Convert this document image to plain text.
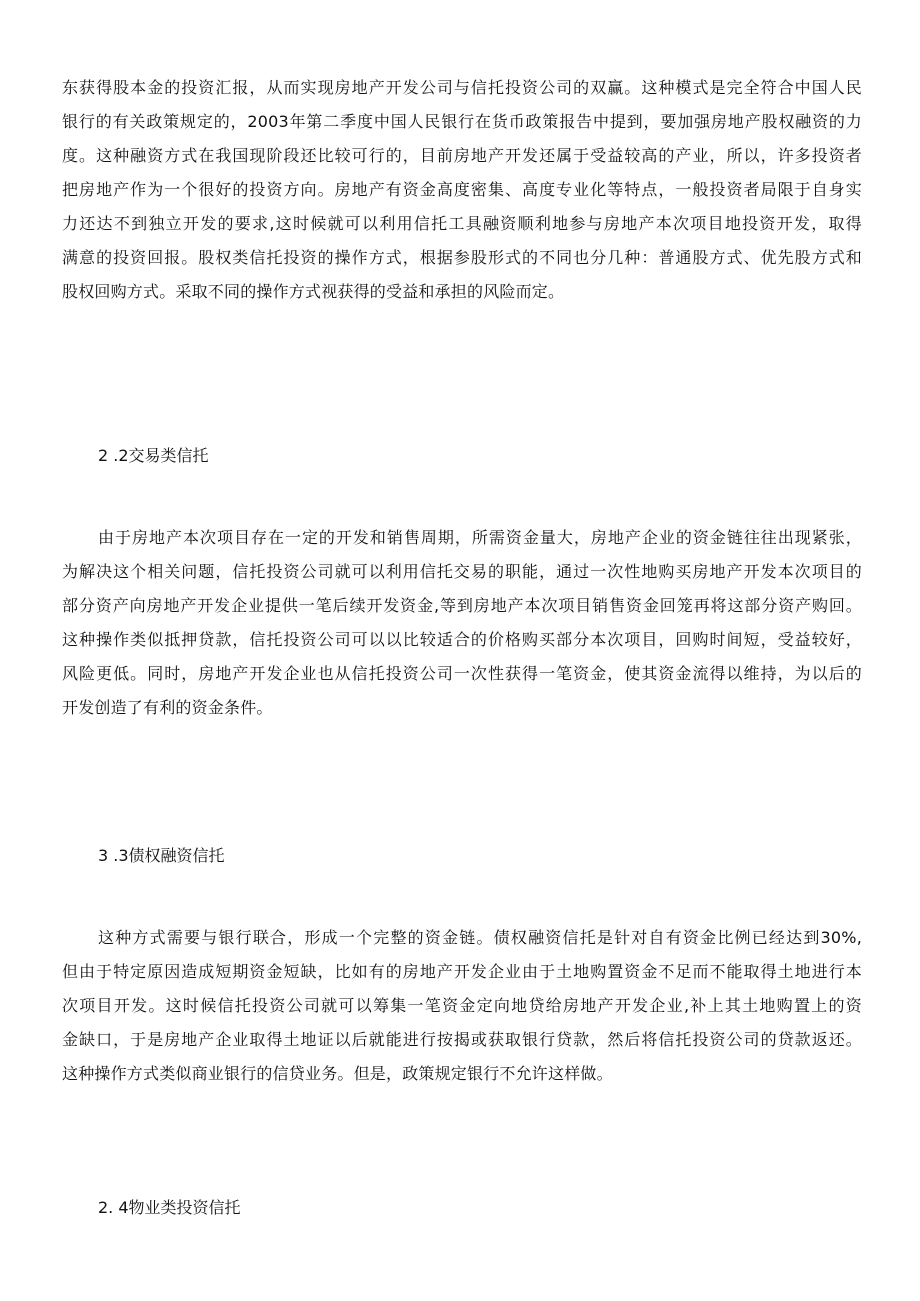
东获得股本金的投资汇报，从而实现房地产开发公司与信托投资公司的双赢。这种模式是完全符合中国人民
银行的有关政策规定的，2003年第二季度中国人民银行在货币政策报告中提到，要加强房地产股权融资的力
度。这种融资方式在我国现阶段还比较可行的，目前房地产开发还属于受益较高的产业，所以，许多投资者
把房地产作为一个很好的投资方向。房地产有资金高度密集、高度专业化等特点，一般投资者局限于自身实
力还达不到独立开发的要求,这时候就可以利用信托工具融资顺利地参与房地产本次项目地投资开发，取得
满意的投资回报。股权类信托投资的操作方式，根据参股形式的不同也分几种：普通股方式、优先股方式和
股权回购方式。采取不同的操作方式视获得的受益和承担的风险而定。

2 .2交易类信托

由于房地产本次项目存在一定的开发和销售周期，所需资金量大，房地产企业的资金链往往出现紧张，
为解决这个相关问题，信托投资公司就可以利用信托交易的职能，通过一次性地购买房地产开发本次项目的
部分资产向房地产开发企业提供一笔后续开发资金,等到房地产本次项目销售资金回笼再将这部分资产购回。
这种操作类似抵押贷款，信托投资公司可以以比较适合的价格购买部分本次项目，回购时间短，受益较好，
风险更低。同时，房地产开发企业也从信托投资公司一次性获得一笔资金，使其资金流得以维持，为以后的
开发创造了有利的资金条件。

3 .3债权融资信托

这种方式需要与银行联合，形成一个完整的资金链。债权融资信托是针对自有资金比例已经达到30%,
但由于特定原因造成短期资金短缺，比如有的房地产开发企业由于土地购置资金不足而不能取得土地进行本
次项目开发。这时候信托投资公司就可以筹集一笔资金定向地贷给房地产开发企业,补上其土地购置上的资
金缺口，于是房地产企业取得土地证以后就能进行按揭或获取银行贷款，然后将信托投资公司的贷款返还。
这种操作方式类似商业银行的信贷业务。但是，政策规定银行不允许这样做。

2. 4物业类投资信托
